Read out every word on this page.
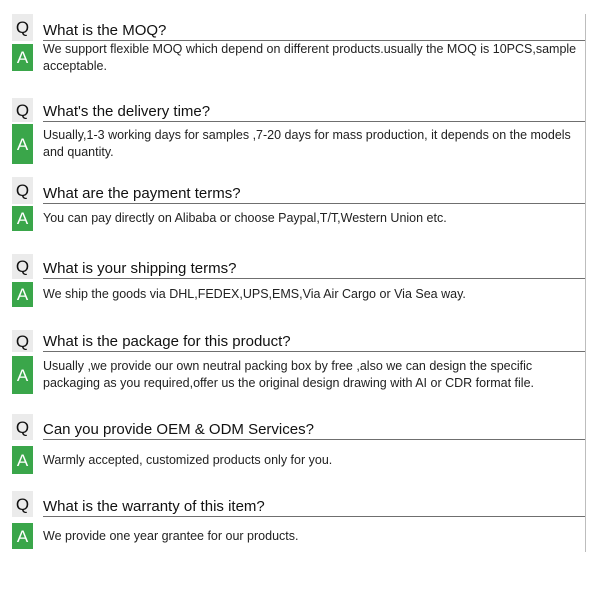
Q What is the MOQ?
A	We support flexible MOQ which depend on different products.usually the MOQ is 10PCS,sample acceptable.
Q What's the delivery time?
A	Usually,1-3 working days for samples ,7-20 days for mass production, it depends on the models and quantity.
Q What are the payment terms?
A	You can pay directly on Alibaba or choose Paypal,T/T,Western Union etc.
Q What is your shipping terms?
A	We ship the goods via DHL,FEDEX,UPS,EMS,Via Air Cargo or Via Sea way.
Q What is the package for this product?
A	Usually ,we provide our own neutral packing box by free ,also we can design the specific packaging as you required,offer us the original design drawing with AI or CDR format file.
Q Can you provide OEM & ODM Services?
A	Warmly accepted, customized products only for you.
Q What is the warranty of this item?
A	We provide one year grantee for our products.
